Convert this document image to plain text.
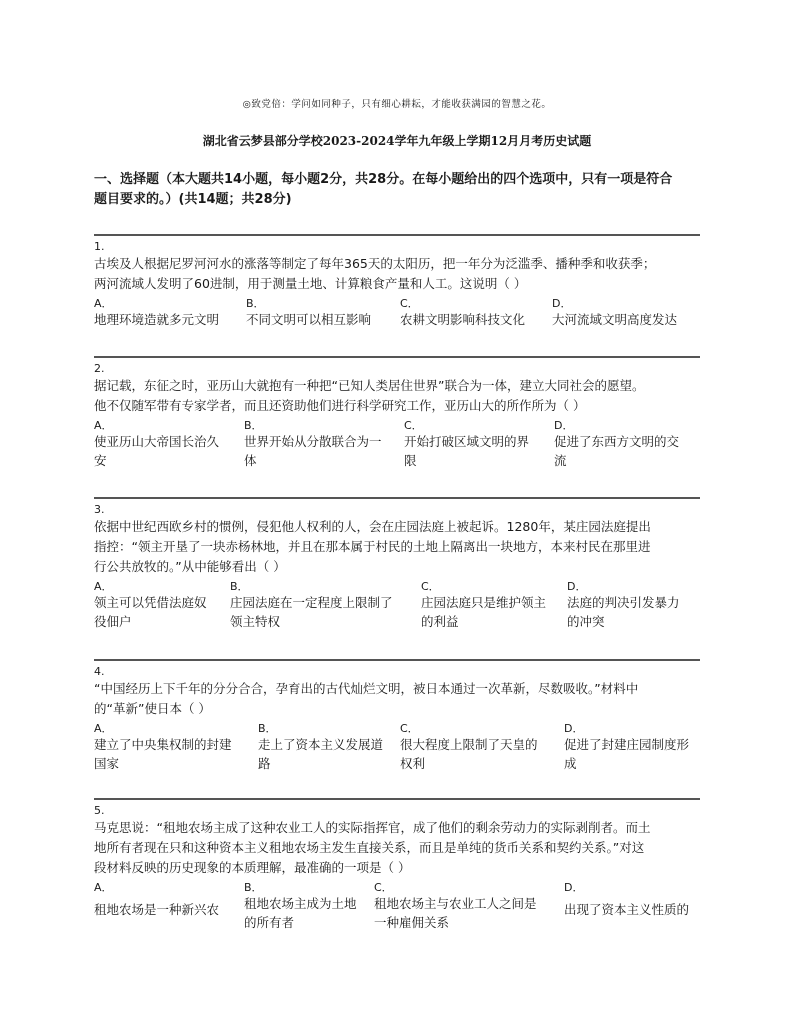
◎致党倍：学问如同种子，只有细心耕耘，才能收获满园的智慧之花。
湖北省云梦县部分学校2023-2024学年九年级上学期12月月考历史试题
一、选择题（本大题共14小题，每小题2分，共28分。在每小题给出的四个选项中，只有一项是符合
题目要求的。）(共14题；共28分)
1.
古埃及人根据尼罗河河水的涨落等制定了每年365天的太阳历，把一年分为泛滥季、播种季和收获季；
两河流域人发明了60进制，用于测量土地、计算粮食产量和人工。这说明（ ）
A．
地理环境造就多元文明
B．
不同文明可以相互影响
C．
农耕文明影响科技文化
D．
大河流域文明高度发达
2.
据记载，东征之时，亚历山大就抱有一种把“已知人类居住世界”联合为一体，建立大同社会的愿望。
他不仅随军带有专家学者，而且还资助他们进行科学研究工作，亚历山大的所作所为（ ）
A．
使亚历山大帝国长治久
安
B．
世界开始从分散联合为一
体
C．
开始打破区域文明的界
限
D．
促进了东西方文明的交
流
3.
依据中世纪西欧乡村的惯例，侵犯他人权利的人，会在庄园法庭上被起诉。1280年，某庄园法庭提出
指控：“领主开垦了一块赤杨林地，并且在那本属于村民的土地上隔离出一块地方，本来村民在那里进
行公共放牧的。”从中能够看出（ ）
A．
领主可以凭借法庭奴
役佃户
B．
庄园法庭在一定程度上限制了
领主特权
C．
庄园法庭只是维护领主
的利益
D．
法庭的判决引发暴力
的冲突
4.
“中国经历上下千年的分分合合，孕育出的古代灿烂文明，被日本通过一次革新，尽数吸收。”材料中
的“革新”使日本（ ）
A．
建立了中央集权制的封建
国家
B．
走上了资本主义发展道
路
C．
很大程度上限制了天皇的
权利
D．
促进了封建庄园制度形
成
5.
马克思说：“租地农场主成了这种农业工人的实际指挥官，成了他们的剩余劳动力的实际剥削者。而土
地所有者现在只和这种资本主义租地农场主发生直接关系，而且是单纯的货币关系和契约关系。”对这
段材料反映的历史现象的本质理解，最准确的一项是（ ）
A．
租地农场是一种新兴农
B．
租地农场主成为土地
的所有者
C．
租地农场主与农业工人之间是
一种雇佣关系
D．
出现了资本主义性质的
